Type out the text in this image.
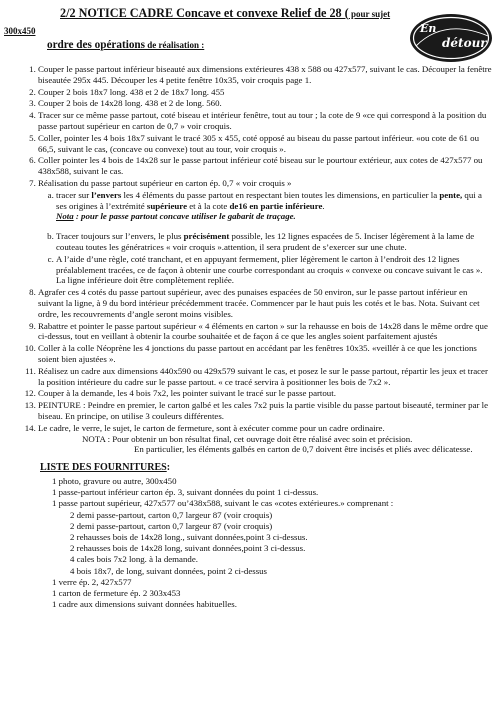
2/2 NOTICE CADRE Concave et convexe Relief de 28 ( pour sujet
300x450
ordre des opérations de réalisation :
En
détour
1. Couper le passe partout inférieur biseauté aux dimensions extérieures 438 x 588 ou 427x577, suivant le cas. Découper la fenêtre biseautée 295x 445. Découper les 4 petite fenêtre 10x35, voir croquis page 1.
2. Couper 2 bois 18x7 long. 438 et 2 de 18x7 long. 455
3. Couper 2 bois de 14x28 long. 438 et 2 de long. 560.
4. Tracer sur ce même passe partout, coté biseau et intérieur fenêtre, tout au tour ; la cote de 9 «ce qui correspond à la position du passe partout supérieur en carton de 0,7 » voir croquis.
5. Coller, pointer les 4 bois 18x7 suivant le tracé 305 x 455, coté opposé au biseau du passe partout inférieur. «ou cote de 61 ou 66,5, suivant le cas, (concave ou convexe) tout au tour, voir croquis ».
6. Coller pointer les 4 bois de 14x28 sur le passe partout inférieur coté biseau sur le pourtour extérieur, aux cotes de 427x577 ou 438x588, suivant le cas.
7. Réalisation du passe partout supérieur en carton ép. 0,7 « voir croquis »
a. tracer sur l’envers les 4 éléments du passe partout en respectant bien toutes les dimensions, en particulier la pente, qui a ses origines à l’extrémité supérieure et à la cote de16 en partie inférieure.
Nota : pour le passe partout concave utiliser le gabarit de traçage.
b. Tracer toujours sur l’envers, le plus précisément possible, les 12 lignes espacées de 5. Inciser légèrement à la lame de couteau toutes les génératrices « voir croquis ».attention, il sera prudent de s’exercer sur une chute.
c. A l’aide d’une règle, coté tranchant, et en appuyant fermement, plier légèrement le carton à l’endroit des 12 lignes préalablement tracées, ce de façon à obtenir une courbe correspondant au croquis « convexe ou concave suivant le cas ». La ligne inférieure doit être complètement repliée.
8. Agrafer ces 4 cotés du passe partout supérieur, avec des punaises espacées de 50 environ, sur le passe partout inférieur en suivant la ligne, à 9 du bord intérieur précédemment tracée. Commencer par le haut puis les cotés et le bas. Nota. Suivant cet ordre, les recouvrements d’angle seront moins visibles.
9. Rabattre et pointer le passe partout supérieur « 4 éléments en carton » sur la rehausse en bois de 14x28 dans le même ordre que ci-dessus, tout en veillant à obtenir la courbe souhaitée et de façon á ce que les angles soient parfaitement ajustés
10. Coller à la colle Néoprène les 4 jonctions du passe partout en accédant par les fenêtres 10x35. «veillér à ce que les jonctions soient bien ajustées ».
11. Réalisez un cadre aux dimensions 440x590 ou 429x579 suivant le cas, et posez le sur le passe partout, répartir les jeux et tracer la position intérieure du cadre sur le passe partout. « ce tracé servira à positionner les bois de 7x2 ».
12. Couper à la demande, les 4 bois 7x2, les pointer suivant le tracé sur le passe partout.
13. PEINTURE : Peindre en premier, le carton galbé et les cales 7x2 puis la partie visible du passe partout biseauté, terminer par le biseau. En principe, on utilise 3 couleurs différentes.
14. Le cadre, le verre, le sujet, le carton de fermeture, sont à exécuter comme pour un cadre ordinaire.
NOTA : Pour obtenir un bon résultat final, cet ouvrage doit être réalisé avec soin et précision.
En particulier, les éléments galbés en carton de 0,7 doivent être incisés et pliés avec délicatesse.
LISTE DES FOURNITURES:
1 photo, gravure ou autre, 300x450
1 passe-partout inférieur carton ép. 3, suivant données du point 1 ci-dessus.
1 passe partout supérieur, 427x577 ou’438x588, suivant le cas «cotes extérieures.» comprenant :
2 demi passe-partout, carton 0,7 largeur 87 (voir croquis)
2 demi passe-partout, carton 0,7 largeur 87 (voir croquis)
2 rehausses bois de 14x28 long., suivant données,point 3 ci-dessus.
2 rehausses bois de 14x28 long, suivant données,point 3 ci-dessus.
4 cales bois 7x2 long. à la demande.
4 bois 18x7, de long, suivant données, point 2 ci-dessus
1 verre ép. 2, 427x577
1 carton de fermeture ép. 2 303x453
1 cadre aux dimensions suivant données habituelles.
